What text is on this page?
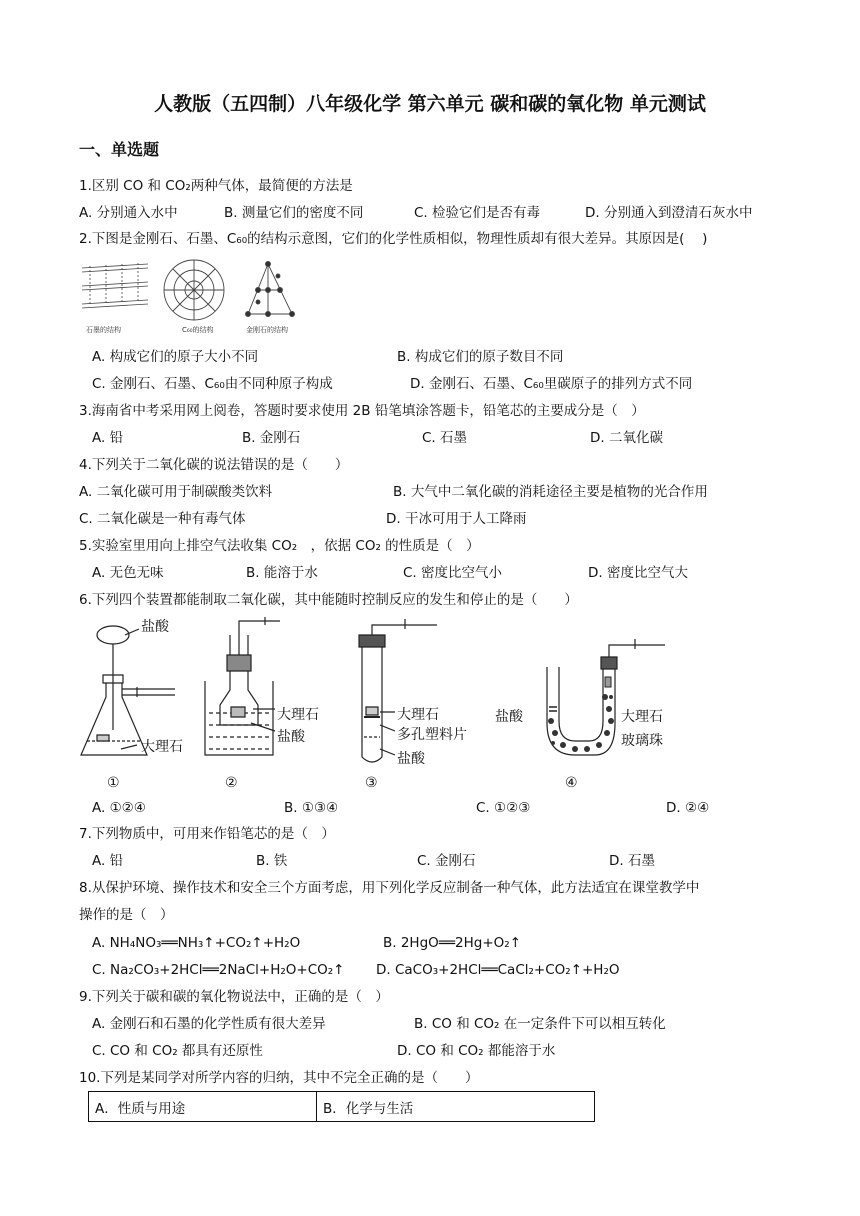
人教版（五四制）八年级化学 第六单元 碳和碳的氧化物 单元测试
一、单选题
1.区别 CO 和 CO₂两种气体，最简便的方法是
A. 分别通入水中	B. 测量它们的密度不同	C. 检验它们是否有毒	D. 分别通入到澄清石灰水中
2.下图是金刚石、石墨、C₆₀的结构示意图，它们的化学性质相似，物理性质却有很大差异。其原因是(　 )
石墨的结构	C₆₀的结构	金刚石的结构
A. 构成它们的原子大小不同	B. 构成它们的原子数目不同
C. 金刚石、石墨、C₆₀由不同种原子构成	D. 金刚石、石墨、C₆₀里碳原子的排列方式不同
3.海南省中考采用网上阅卷，答题时要求使用 2B 铅笔填涂答题卡，铅笔芯的主要成分是（　）
A. 铅	B. 金刚石	C. 石墨	D. 二氧化碳
4.下列关于二氧化碳的说法错误的是（　　）
A. 二氧化碳可用于制碳酸类饮料	B. 大气中二氧化碳的消耗途径主要是植物的光合作用
C. 二氧化碳是一种有毒气体	D. 干冰可用于人工降雨
5.实验室里用向上排空气法收集 CO₂　，依据 CO₂ 的性质是（　）
A. 无色无味	B. 能溶于水	C. 密度比空气小	D. 密度比空气大
6.下列四个装置都能制取二氧化碳，其中能随时控制反应的发生和停止的是（　　）
盐酸
大理石
①
大理石
盐酸
②
大理石
多孔塑料片
盐酸
③
盐酸	大理石
玻璃珠
④
A. ①②④	B. ①③④	C. ①②③	D. ②④
7.下列物质中，可用来作铅笔芯的是（　）
A. 铅	B. 铁	C. 金刚石	D. 石墨
8.从保护环境、操作技术和安全三个方面考虑，用下列化学反应制备一种气体，此方法适宜在课堂教学中
操作的是（　）
A. NH₄NO₃══NH₃↑+CO₂↑+H₂O	B. 2HgO══2Hg+O₂↑
C. Na₂CO₃+2HCl══2NaCl+H₂O+CO₂↑ D. CaCO₃+2HCl══CaCl₂+CO₂↑+H₂O
9.下列关于碳和碳的氧化物说法中，正确的是（　）
A. 金刚石和石墨的化学性质有很大差异	B. CO 和 CO₂ 在一定条件下可以相互转化
C. CO 和 CO₂ 都具有还原性	D. CO 和 CO₂ 都能溶于水
10.下列是某同学对所学内容的归纳，其中不完全正确的是（　　）
A．性质与用途	B．化学与生活
